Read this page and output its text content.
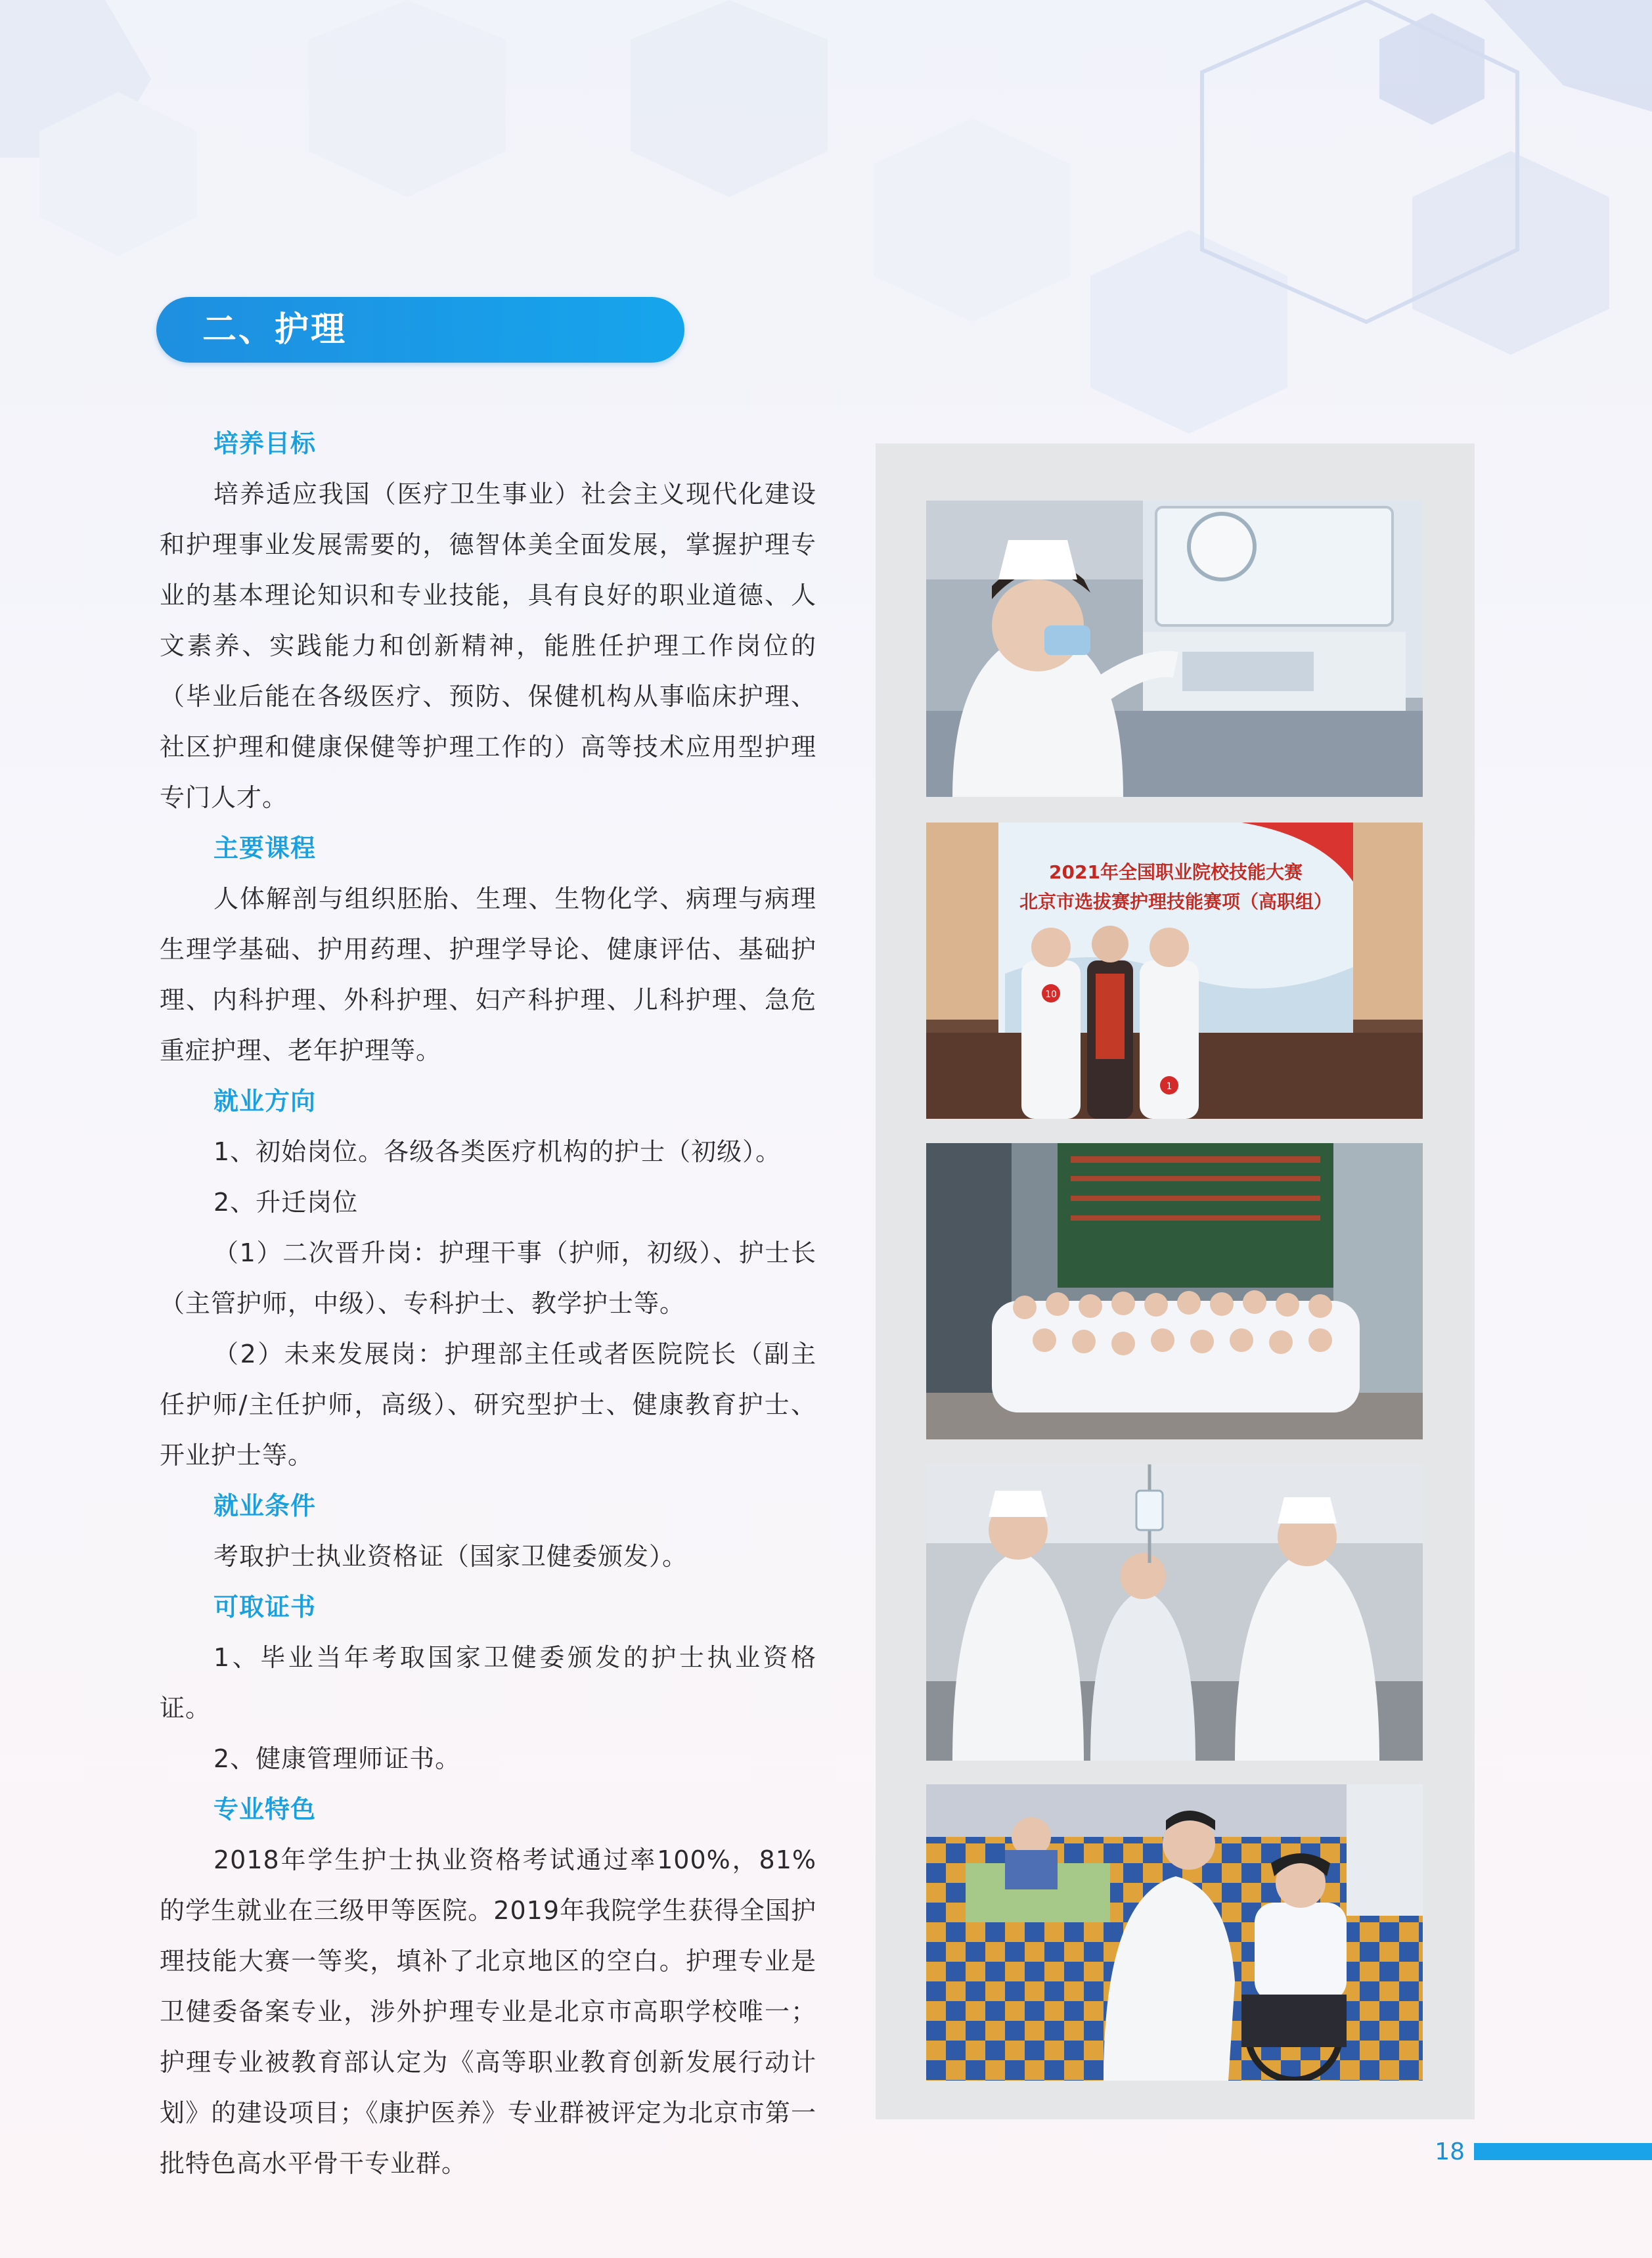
二、护理
培养目标

培养适应我国（医疗卫生事业）社会主义现代化建设和护理事业发展需要的，德智体美全面发展，掌握护理专业的基本理论知识和专业技能，具有良好的职业道德、人文素养、实践能力和创新精神，能胜任护理工作岗位的（毕业后能在各级医疗、预防、保健机构从事临床护理、社区护理和健康保健等护理工作的）高等技术应用型护理专门人才。

主要课程

人体解剖与组织胚胎、生理、生物化学、病理与病理生理学基础、护用药理、护理学导论、健康评估、基础护理、内科护理、外科护理、妇产科护理、儿科护理、急危重症护理、老年护理等。

就业方向

1、初始岗位。各级各类医疗机构的护士（初级）。

2、升迁岗位

（1）二次晋升岗：护理干事（护师，初级）、护士长（主管护师，中级）、专科护士、教学护士等。

（2）未来发展岗：护理部主任或者医院院长（副主任护师/主任护师，高级）、研究型护士、健康教育护士、开业护士等。

就业条件

考取护士执业资格证（国家卫健委颁发）。

可取证书

1、毕业当年考取国家卫健委颁发的护士执业资格证。

2、健康管理师证书。

专业特色

2018年学生护士执业资格考试通过率100%，81%的学生就业在三级甲等医院。2019年我院学生获得全国护理技能大赛一等奖，填补了北京地区的空白。护理专业是卫健委备案专业，涉外护理专业是北京市高职学校唯一；护理专业被教育部认定为《高等职业教育创新发展行动计划》的建设项目；《康护医养》专业群被评定为北京市第一批特色高水平骨干专业群。

2021年全国职业院校技能大赛
北京市选拔赛护理技能赛项（高职组）
10
1
18
